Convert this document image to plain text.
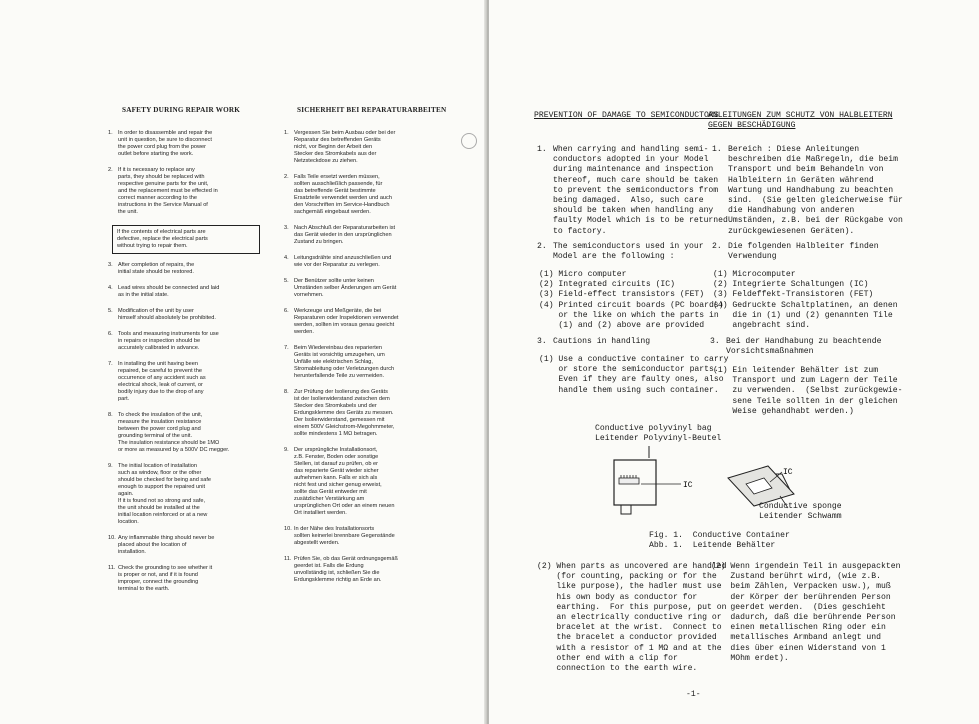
SAFETY DURING REPAIR WORK	SICHERHEIT BEI REPARATURARBEITEN
1. In order to disassemble and repair the
unit in question, be sure to disconnect
the power cord plug from the power
outlet before starting the work.
2. If it is necessary to replace any
parts, they should be replaced with
respective genuine parts for the unit,
and the replacement must be effected in
correct manner according to the
instructions in the Service Manual of
the unit.
If the contents of electrical parts are
defective, replace the electrical parts
without trying to repair them.
3. After completion of repairs, the
initial state should be restored.
4. Lead wires should be connected and laid
as in the initial state.
5. Modification of the unit by user
himself should absolutely be prohibited.
6. Tools and measuring instruments for use
in repairs or inspection should be
accurately calibrated in advance.
7. In installing the unit having been
repaired, be careful to prevent the
occurrence of any accident such as
electrical shock, leak of current, or
bodily injury due to the drop of any
part.
8. To check the insulation of the unit,
measure the insulation resistance
between the power cord plug and
grounding terminal of the unit.
The insulation resistance should be 1MΩ
or more as measured by a 500V DC megger.
9. The initial location of installation
such as window, floor or the other
should be checked for being and safe
enough to support the repaired unit
again.
If it is found not so strong and safe,
the unit should be installed at the
initial location reinforced or at a new
location.
10. Any inflammable thing should never be
placed about the location of
installation.
11. Check the grounding to see whether it
is proper or not, and if it is found
improper, connect the grounding
terminal to the earth.
1. Vergessen Sie beim Ausbau oder bei der
Reparatur des betreffenden Geräts
nicht, vor Beginn der Arbeit den
Stecker des Stromkabels aus der
Netzsteckdose zu ziehen.
2. Falls Teile ersetzt werden müssen,
sollten ausschließlich passende, für
das betreffende Gerät bestimmte
Ersatzteile verwendet werden und auch
den Vorschriften im Service-Handbuch
sachgemäß eingebaut werden.
3. Nach Abschluß der Reparaturarbeiten ist
das Gerät wieder in den ursprünglichen
Zustand zu bringen.
4. Leitungsdrähte sind anzuschließen und
wie vor der Reparatur zu verlegen.
5. Der Benützer sollte unter keinen
Umständen selber Änderungen am Gerät
vornehmen.
6. Werkzeuge und Meßgeräte, die bei
Reparaturen oder Inspektionen verwendet
werden, sollten im voraus genau geeicht
werden.
7. Beim Wiedereinbau des reparierten
Geräts ist vorsichtig umzugehen, um
Unfälle wie elektrischen Schlag,
Stromableitung oder Verletzungen durch
herunterfallende Teile zu vermeiden.
8. Zur Prüfung der Isolierung des Geräts
ist der Isolierwiderstand zwischen dem
Stecker des Stromkabels und der
Erdungsklemme des Geräts zu messen.
Der Isolierwiderstand, gemessen mit
einem 500V Gleichstrom-Megohmmeter,
sollte mindestens 1 MΩ betragen.
9. Der ursprüngliche Installationsort,
z.B. Fenster, Boden oder sonstige
Stellen, ist darauf zu prüfen, ob er
das reparierte Gerät wieder sicher
aufnehmen kann. Falls er sich als
nicht fest und sicher genug erweist,
sollte das Gerät entweder mit
zusätzlicher Verstärkung am
ursprünglichen Ort oder an einem neuen
Ort installiert werden.
10. In der Nähe des Installationsorts
sollten keinerlei brennbare Gegenstände
abgestellt werden.
11. Prüfen Sie, ob das Gerät ordnungsgemäß
geerdet ist. Falls die Erdung
unvollständig ist, schließen Sie die
Erdungsklemme richtig an Erde an.
PREVENTION OF DAMAGE TO SEMICONDUCTORS
ANLEITUNGEN ZUM SCHUTZ VON HALBLEITERN
GEGEN BESCHÄDIGUNG
1. When carrying and handling semi-
conductors adopted in your Model
during maintenance and inspection
thereof, much care should be taken
to prevent the semiconductors from
being damaged.  Also, such care
should be taken when handling any
faulty Model which is to be returned
to factory.
1. Bereich : Diese Anleitungen
beschreiben die Maßregeln, die beim
Transport und beim Behandeln von
Halbleitern in Geräten während
Wartung und Handhabung zu beachten
sind.  (Sie gelten gleicherweise für
die Handhabung von anderen
Umständen, z.B. bei der Rückgabe von
zurückgewiesenen Geräten).
2. The semiconductors used in your
Model are the following :
2. Die folgenden Halbleiter finden
Verwendung
(1) Micro computer
(2) Integrated circuits (IC)
(3) Field-effect transistors (FET)
(4) Printed circuit boards (PC boards)
or the like on which the parts in
(1) and (2) above are provided
(1) Microcomputer
(2) Integrierte Schaltungen (IC)
(3) Feldeffekt-Transistoren (FET)
(4) Gedruckte Schaltplatinen, an denen
die in (1) und (2) genannten Tile
angebracht sind.
3. Cautions in handling	3. Bei der Handhabung zu beachtende
Vorsichtsmaßnahmen
(1) Use a conductive container to carry
or store the semiconductor parts.
Even if they are faulty ones, also
handle them using such container.
(1) Ein leitender Behälter ist zum
Transport und zum Lagern der Teile
zu verwenden.  (Selbst zurückgewie-
sene Teile sollten in der gleichen
Weise gehandhabt werden.)
Conductive polyvinyl bag
Leitender Polyvinyl-Beutel
IC
IC
Conductive sponge
Leitender Schwamm
Fig. 1.  Conductive Container
Abb. 1.  Leitende Behälter
(2) When parts as uncovered are handled
(for counting, packing or for the
like purpose), the hadler must use
his own body as conductor for
earthing.  For this purpose, put on
an electrically conductive ring or
bracelet at the wrist.  Connect to
the bracelet a conductor provided
with a resistor of 1 MΩ and at the
other end with a clip for
connection to the earth wire.
(2) Wenn irgendein Teil in ausgepackten
Zustand berührt wird, (wie z.B.
beim Zählen, Verpacken usw.), muß
der Körper der berührenden Person
geerdet werden.  (Dies geschieht
dadurch, daß die berührende Person
einen metallischen Ring oder ein
metallisches Armband anlegt und
dies über einen Widerstand von 1
MOhm erdet).
-1-
